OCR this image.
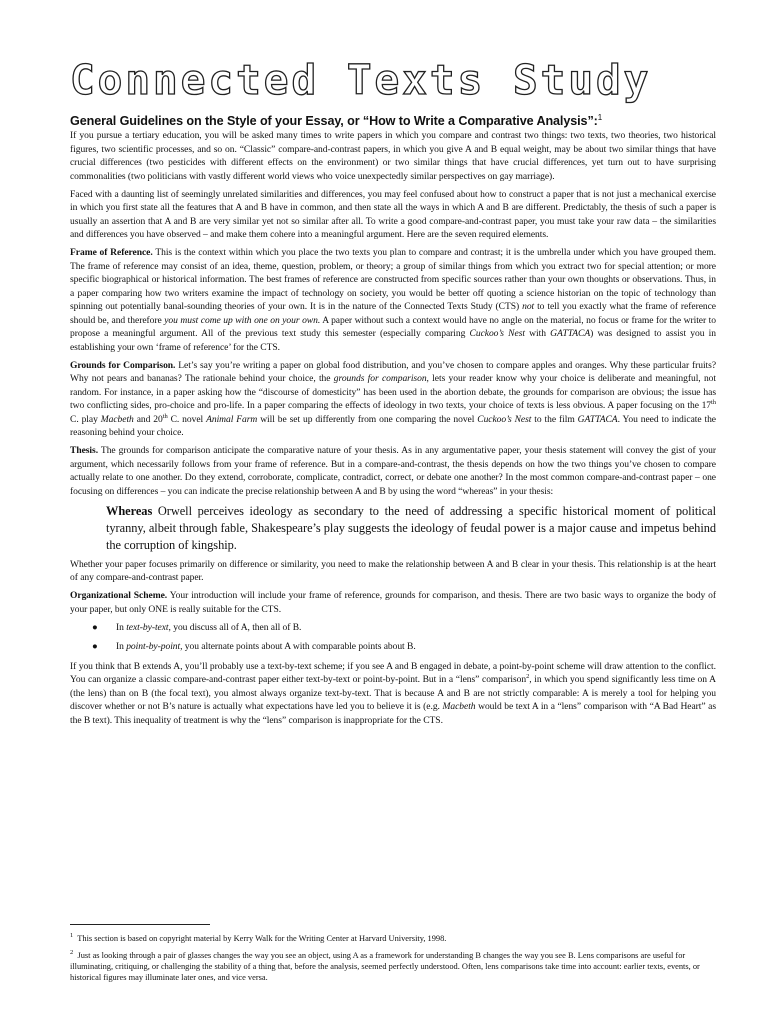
Connected Texts Study
General Guidelines on the Style of your Essay, or “How to Write a Comparative Analysis”:$^1$

If you pursue a tertiary education, you will be asked many times to write papers in which you compare and contrast two things: two texts, two theories, two historical figures, two scientific processes, and so on. “Classic” compare-and-contrast papers, in which you give A and B equal weight, may be about two similar things that have crucial differences (two pesticides with different effects on the environment) or two similar things that have crucial differences, yet turn out to have surprising commonalities (two politicians with vastly different world views who voice unexpectedly similar perspectives on gay marriage).

Faced with a daunting list of seemingly unrelated similarities and differences, you may feel confused about how to construct a paper that is not just a mechanical exercise in which you first state all the features that A and B have in common, and then state all the ways in which A and B are different. Predictably, the thesis of such a paper is usually an assertion that A and B are very similar yet not so similar after all. To write a good compare-and-contrast paper, you must take your raw data – the similarities and differences you have observed – and make them cohere into a meaningful argument. Here are the seven required elements.

Frame of Reference. This is the context within which you place the two texts you plan to compare and contrast; it is the umbrella under which you have grouped them. The frame of reference may consist of an idea, theme, question, problem, or theory; a group of similar things from which you extract two for special attention; or more specific biographical or historical information. The best frames of reference are constructed from specific sources rather than your own thoughts or observations. Thus, in a paper comparing how two writers examine the impact of technology on society, you would be better off quoting a science historian on the topic of technology than spinning out potentially banal-sounding theories of your own. It is in the nature of the Connected Texts Study (CTS) not to tell you exactly what the frame of reference should be, and therefore you must come up with one on your own. A paper without such a context would have no angle on the material, no focus or frame for the writer to propose a meaningful argument. All of the previous text study this semester (especially comparing Cuckoo’s Nest with GATTACA) was designed to assist you in establishing your own ‘frame of reference’ for the CTS.

Grounds for Comparison. Let’s say you’re writing a paper on global food distribution, and you’ve chosen to compare apples and oranges. Why these particular fruits? Why not pears and bananas? The rationale behind your choice, the grounds for comparison, lets your reader know why your choice is deliberate and meaningful, not random. For instance, in a paper asking how the “discourse of domesticity” has been used in the abortion debate, the grounds for comparison are obvious; the issue has two conflicting sides, pro-choice and pro-life. In a paper comparing the effects of ideology in two texts, your choice of texts is less obvious. A paper focusing on the 17th C. play Macbeth and 20th C. novel Animal Farm will be set up differently from one comparing the novel Cuckoo’s Nest to the film GATTACA. You need to indicate the reasoning behind your choice.

Thesis. The grounds for comparison anticipate the comparative nature of your thesis. As in any argumentative paper, your thesis statement will convey the gist of your argument, which necessarily follows from your frame of reference. But in a compare-and-contrast, the thesis depends on how the two things you’ve chosen to compare actually relate to one another. Do they extend, corroborate, complicate, contradict, correct, or debate one another? In the most common compare-and-contrast paper – one focusing on differences – you can indicate the precise relationship between A and B by using the word “whereas” in your thesis:

Whereas Orwell perceives ideology as secondary to the need of addressing a specific historical moment of political tyranny, albeit through fable, Shakespeare’s play suggests the ideology of feudal power is a major cause and impetus behind the corruption of kingship.

Whether your paper focuses primarily on difference or similarity, you need to make the relationship between A and B clear in your thesis. This relationship is at the heart of any compare-and-contrast paper.

Organizational Scheme. Your introduction will include your frame of reference, grounds for comparison, and thesis. There are two basic ways to organize the body of your paper, but only ONE is really suitable for the CTS.

● In text-by-text, you discuss all of A, then all of B.
● In point-by-point, you alternate points about A with comparable points about B.

If you think that B extends A, you’ll probably use a text-by-text scheme; if you see A and B engaged in debate, a point-by-point scheme will draw attention to the conflict. You can organize a classic compare-and-contrast paper either text-by-text or point-by-point. But in a “lens” comparison$^2$, in which you spend significantly less time on A (the lens) than on B (the focal text), you almost always organize text-by-text. That is because A and B are not strictly comparable: A is merely a tool for helping you discover whether or not B’s nature is actually what expectations have led you to believe it is (e.g. Macbeth would be text A in a “lens” comparison with “A Bad Heart” as the B text). This inequality of treatment is why the “lens” comparison is inappropriate for the CTS.

$^1$ This section is based on copyright material by Kerry Walk for the Writing Center at Harvard University, 1998.

$^2$ Just as looking through a pair of glasses changes the way you see an object, using A as a framework for understanding B changes the way you see B. Lens comparisons are useful for illuminating, critiquing, or challenging the stability of a thing that, before the analysis, seemed perfectly understood. Often, lens comparisons take time into account: earlier texts, events, or historical figures may illuminate later ones, and vice versa.
